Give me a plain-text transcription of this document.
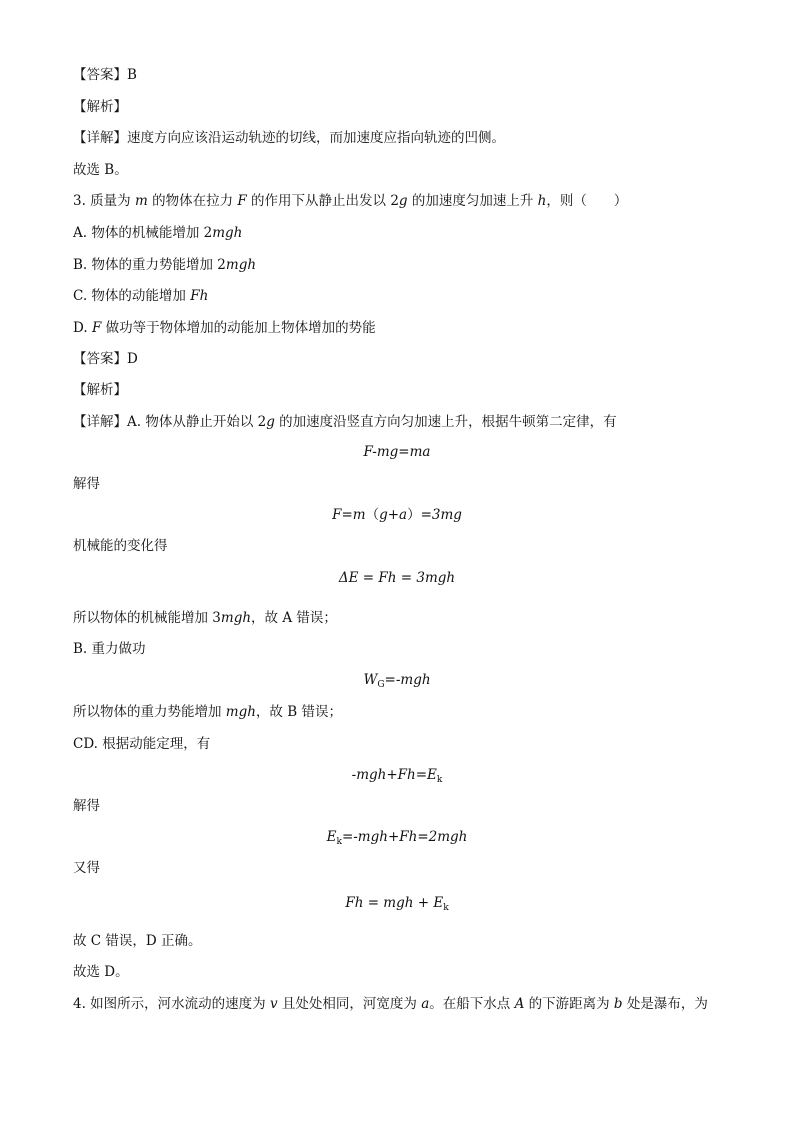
【答案】B
【解析】
【详解】速度方向应该沿运动轨迹的切线，而加速度应指向轨迹的凹侧。
故选 B。
3. 质量为 m 的物体在拉力 F 的作用下从静止出发以 2g 的加速度匀加速上升 h，则（　　）
A. 物体的机械能增加 2mgh
B. 物体的重力势能增加 2mgh
C. 物体的动能增加 Fh
D. F 做功等于物体增加的动能加上物体增加的势能
【答案】D
【解析】
【详解】A. 物体从静止开始以 2g 的加速度沿竖直方向匀加速上升，根据牛顿第二定律，有
F-mg=ma
解得
F=m（g+a）=3mg
机械能的变化得
ΔE = Fh = 3mgh
所以物体的机械能增加 3mgh，故 A 错误；
B. 重力做功
$W_G=$-mgh
所以物体的重力势能增加 mgh，故 B 错误；
CD. 根据动能定理，有
$-mgh+Fh=E_k$
解得
$E_k=-mgh+Fh=2mgh$
又得
Fh = mgh + $E_k$
故 C 错误，D 正确。
故选 D。
4. 如图所示，河水流动的速度为 v 且处处相同，河宽度为 a。在船下水点 A 的下游距离为 b 处是瀑布，为
